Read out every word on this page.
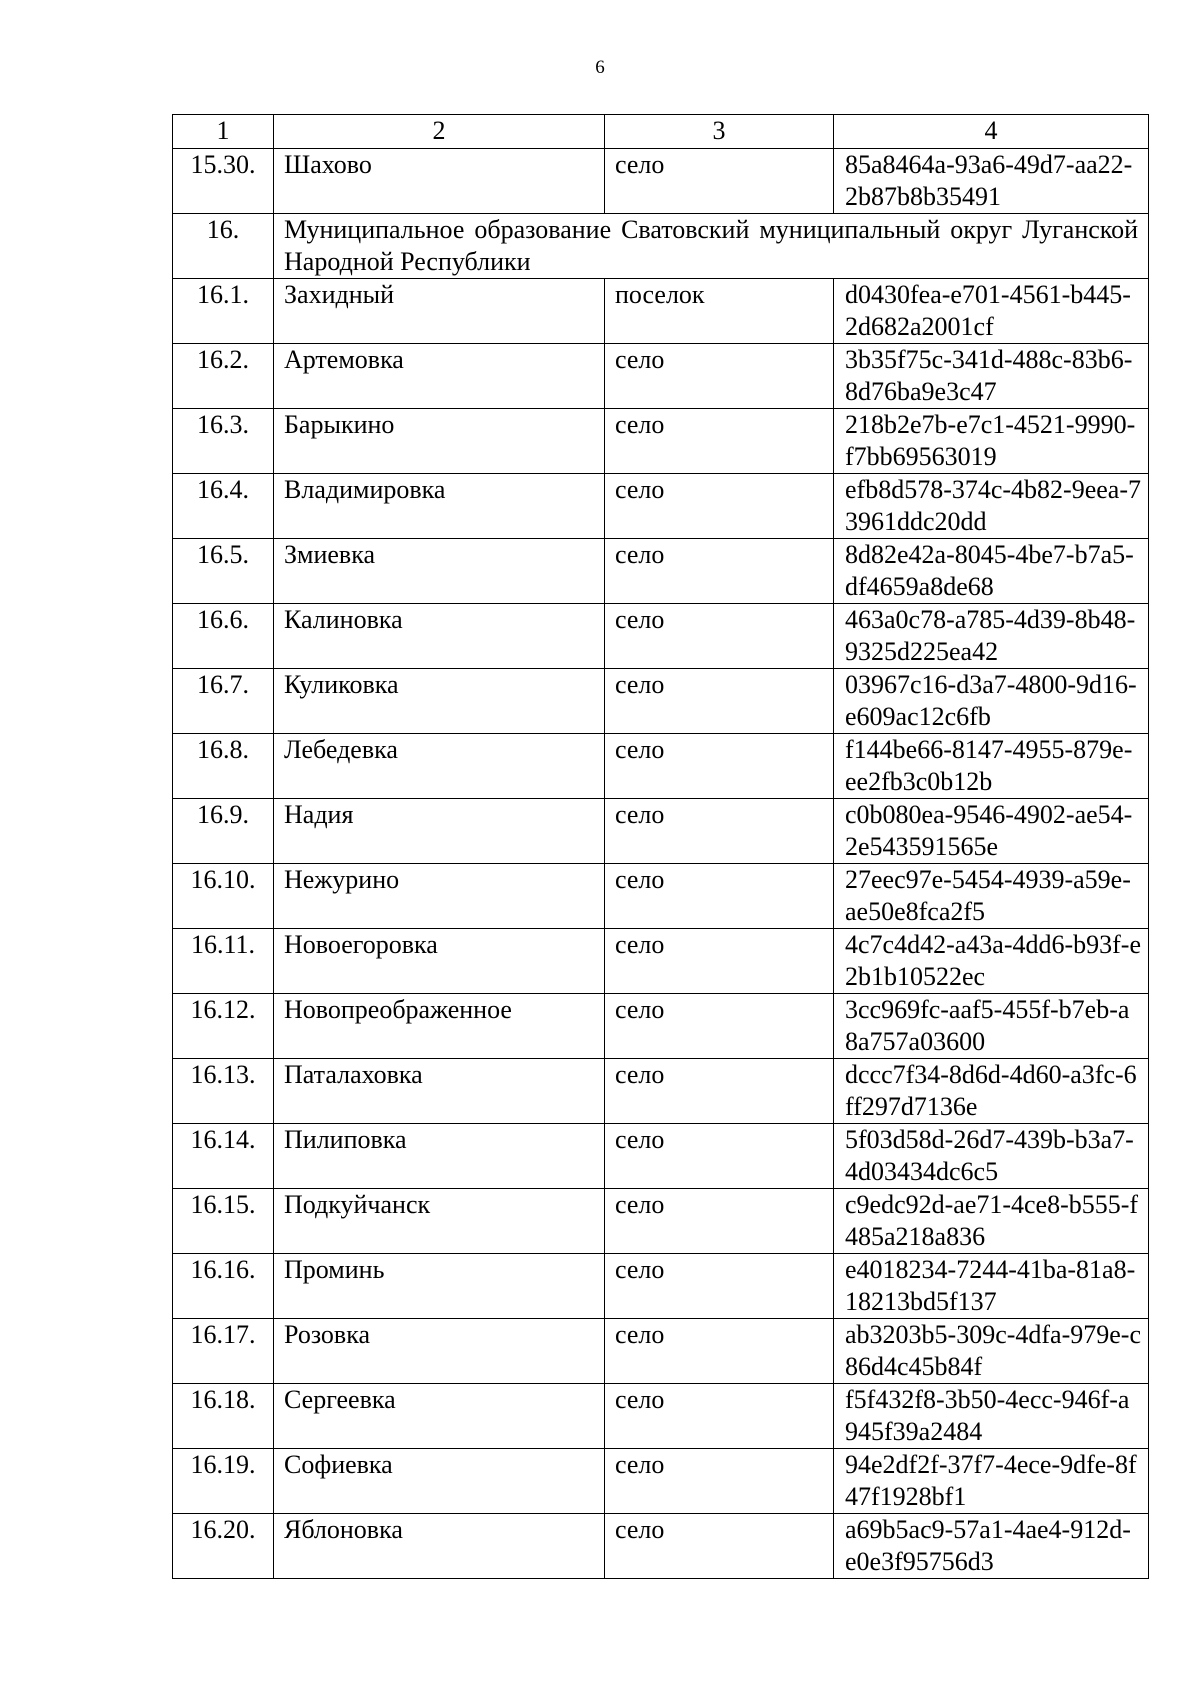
6
1	2	3	4
15.30.	Шахово	село	85a8464a-93a6-49d7-aa22-2b87b8b35491
16.	Муниципальное образование Сватовский муниципальный округ Луганской Народной Республики		
16.1.	Захидный	поселок	d0430fea-e701-4561-b445-2d682a2001cf
16.2.	Артемовка	село	3b35f75c-341d-488c-83b6-8d76ba9e3c47
16.3.	Барыкино	село	218b2e7b-e7c1-4521-9990-f7bb69563019
16.4.	Владимировка	село	efb8d578-374c-4b82-9eea-73961ddc20dd
16.5.	Змиевка	село	8d82e42a-8045-4be7-b7a5-df4659a8de68
16.6.	Калиновка	село	463a0c78-a785-4d39-8b48-9325d225ea42
16.7.	Куликовка	село	03967c16-d3a7-4800-9d16-e609ac12c6fb
16.8.	Лебедевка	село	f144be66-8147-4955-879e-ee2fb3c0b12b
16.9.	Надия	село	c0b080ea-9546-4902-ae54-2e543591565e
16.10.	Нежурино	село	27eec97e-5454-4939-a59e-ae50e8fca2f5
16.11.	Новоегоровка	село	4c7c4d42-a43a-4dd6-b93f-e2b1b10522ec
16.12.	Новопреображенное	село	3cc969fc-aaf5-455f-b7eb-a8a757a03600
16.13.	Паталаховка	село	dccc7f34-8d6d-4d60-a3fc-6ff297d7136e
16.14.	Пилиповка	село	5f03d58d-26d7-439b-b3a7-4d03434dc6c5
16.15.	Подкуйчанск	село	c9edc92d-ae71-4ce8-b555-f485a218a836
16.16.	Проминь	село	e4018234-7244-41ba-81a8-18213bd5f137
16.17.	Розовка	село	ab3203b5-309c-4dfa-979e-c86d4c45b84f
16.18.	Сергеевка	село	f5f432f8-3b50-4ecc-946f-a945f39a2484
16.19.	Софиевка	село	94e2df2f-37f7-4ece-9dfe-8f47f1928bf1
16.20.	Яблоновка	село	a69b5ac9-57a1-4ae4-912d-e0e3f95756d3
